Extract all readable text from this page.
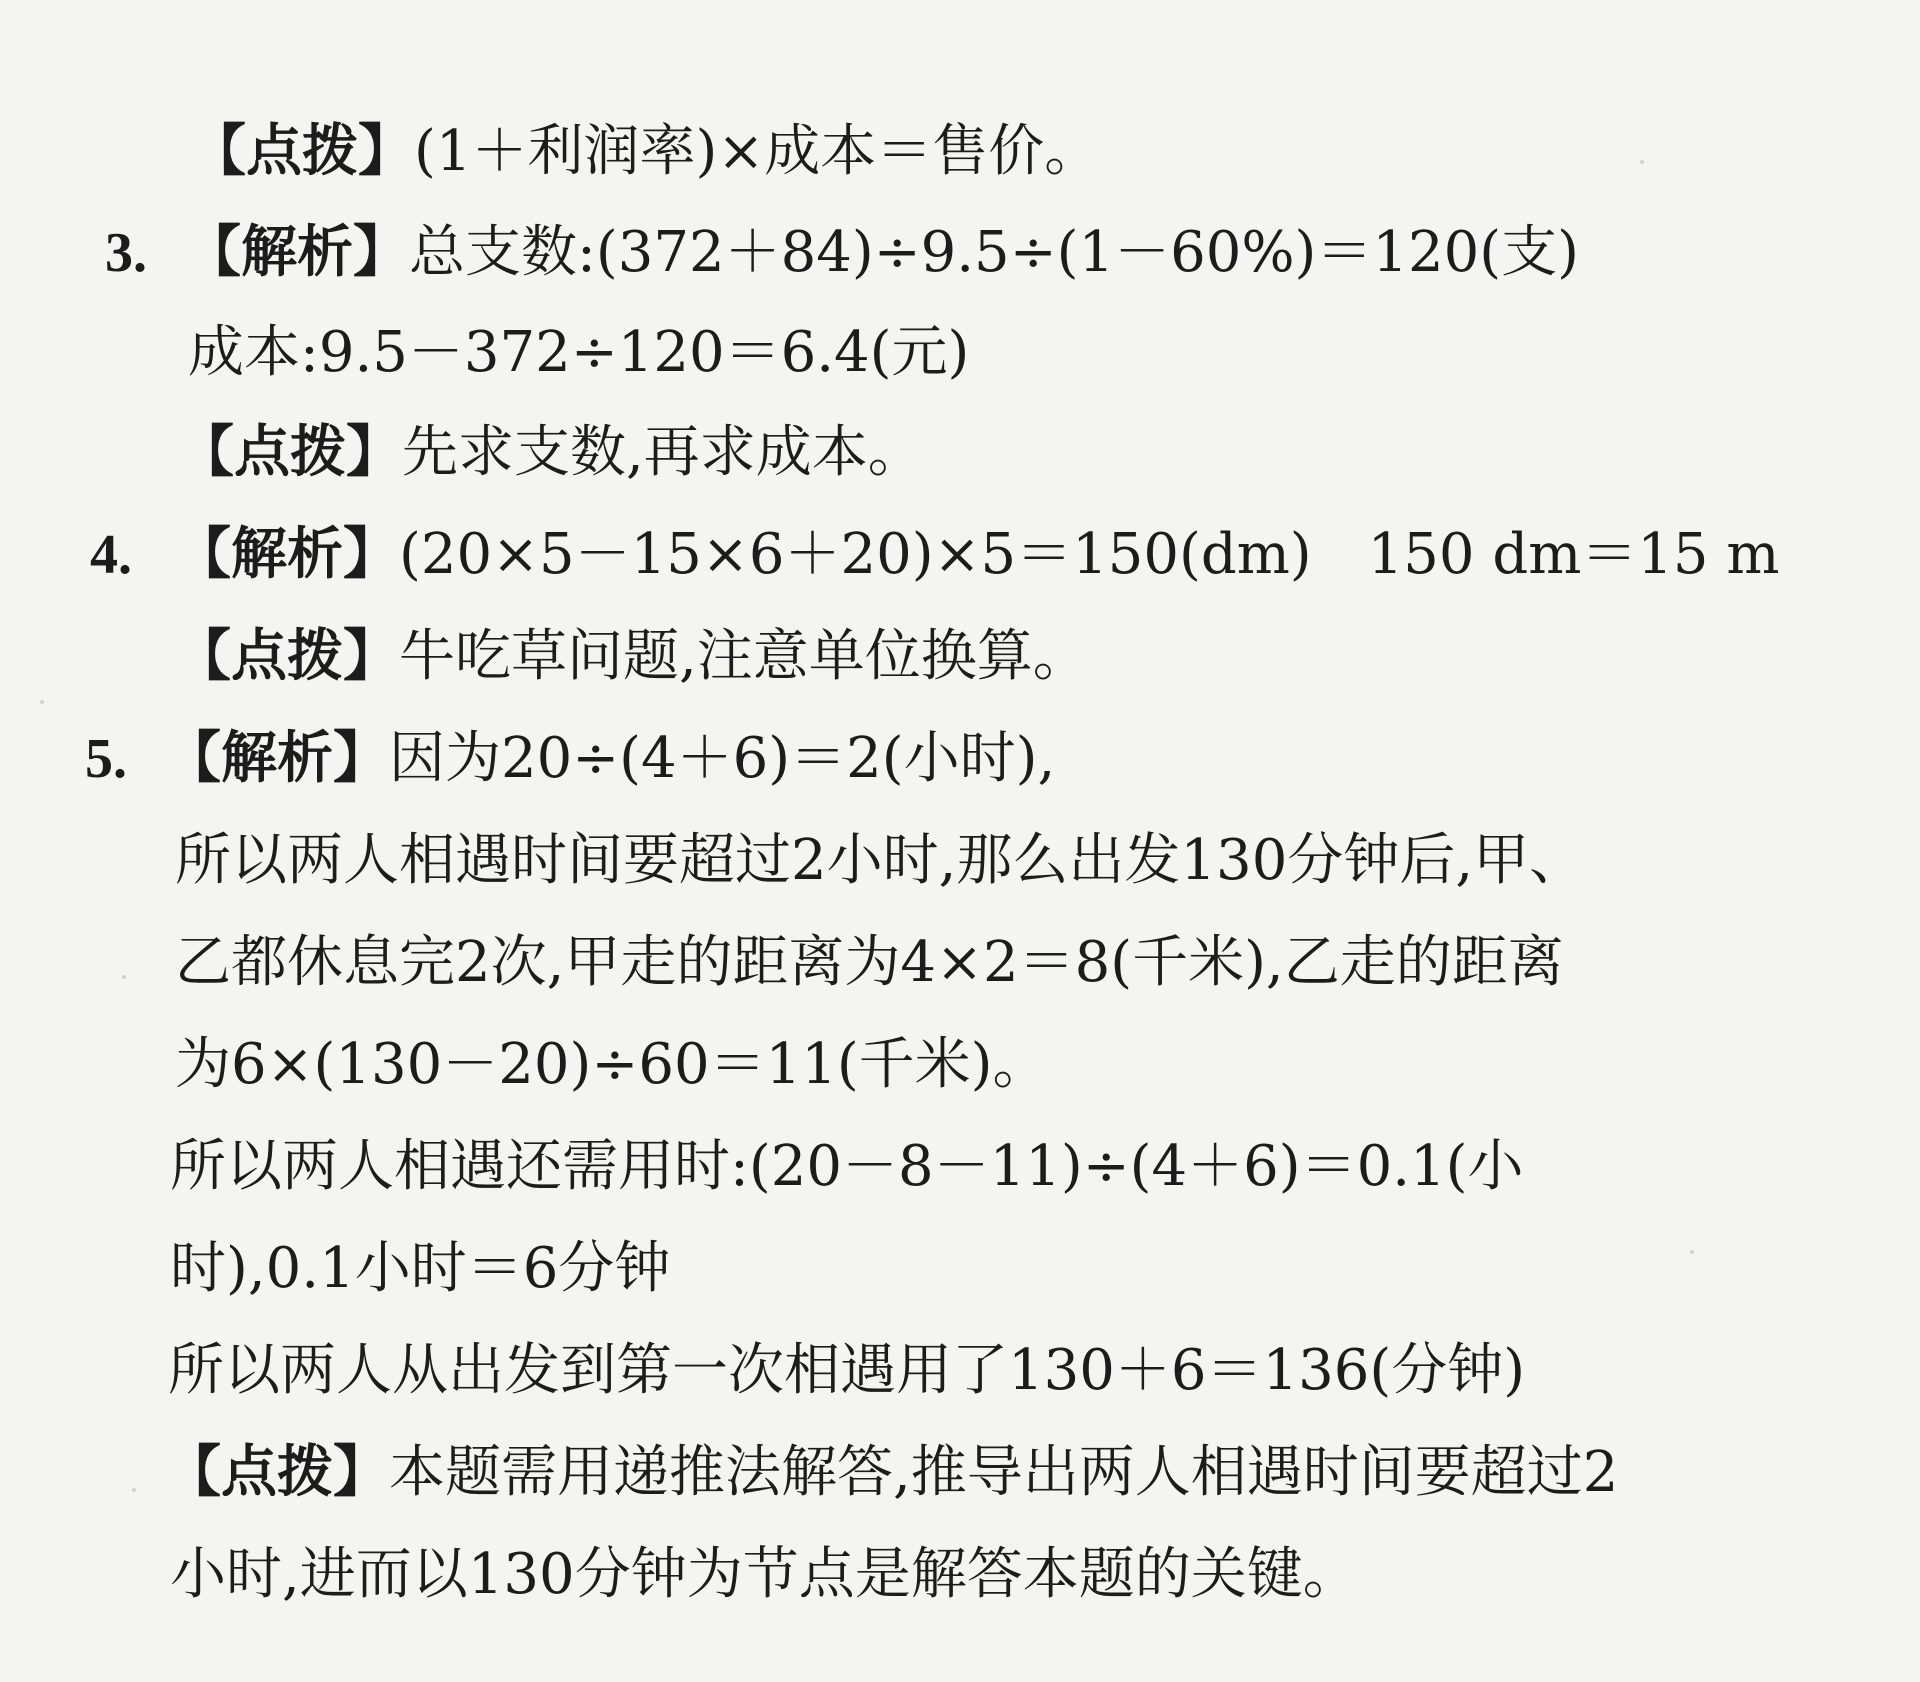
【点拨】(1＋利润率)×成本＝售价。
3. 【解析】总支数:(372＋84)÷9.5÷(1－60%)＝120(支)
成本:9.5－372÷120＝6.4(元)
【点拨】先求支数,再求成本。
4. 【解析】(20×5－15×6＋20)×5＝150(dm)　150 dm＝15 m
【点拨】牛吃草问题,注意单位换算。
5. 【解析】因为20÷(4＋6)＝2(小时),
所以两人相遇时间要超过2小时,那么出发130分钟后,甲、
乙都休息完2次,甲走的距离为4×2＝8(千米),乙走的距离
为6×(130－20)÷60＝11(千米)。
所以两人相遇还需用时:(20－8－11)÷(4＋6)＝0.1(小
时),0.1小时＝6分钟
所以两人从出发到第一次相遇用了130＋6＝136(分钟)
【点拨】本题需用递推法解答,推导出两人相遇时间要超过2
小时,进而以130分钟为节点是解答本题的关键。
